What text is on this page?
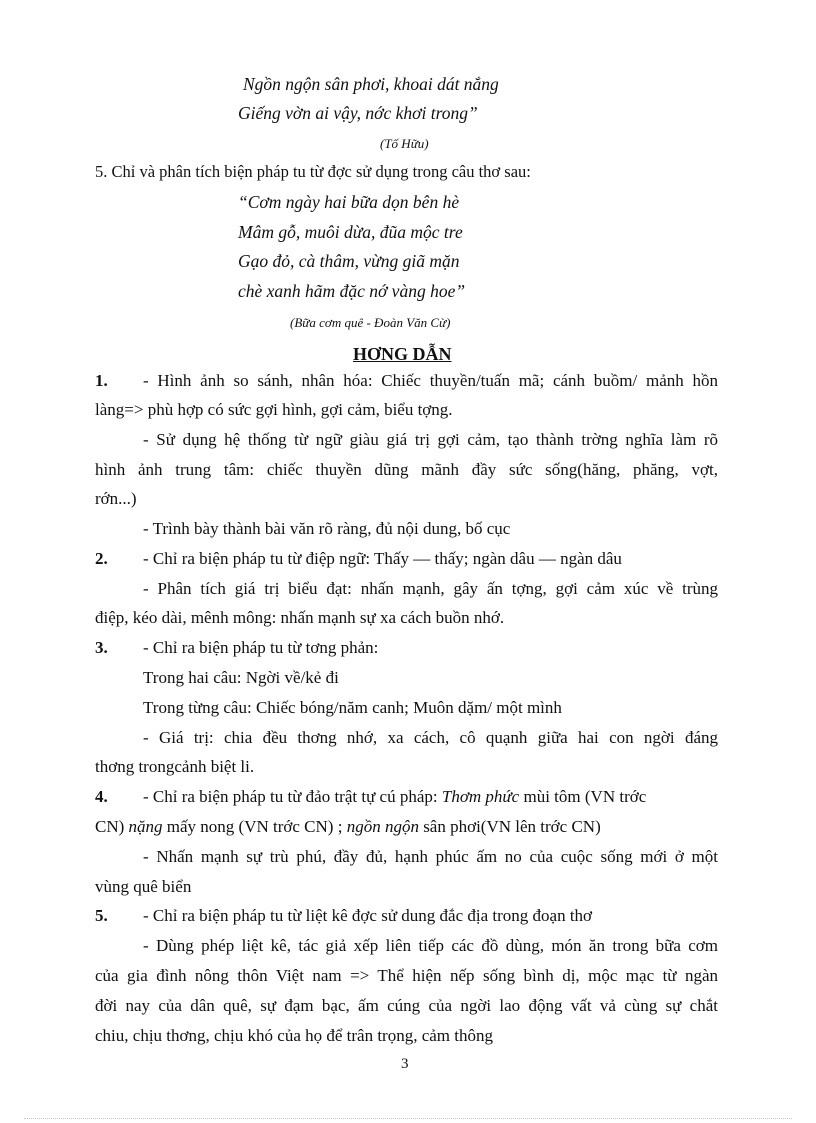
Ngồn ngộn sân phơi, khoai dát nắng
Giếng vờn ai vậy, nớc khơi trong”
(Tố Hữu)
5. Chỉ và phân tích biện pháp tu từ đợc sử dụng trong câu thơ sau:
“Cơm ngày hai bữa dọn bên hè
Mâm gỗ, muôi dừa, đũa mộc tre
Gạo đỏ, cà thâm, vừng giã mặn
chè xanh hãm đặc nớ vàng hoe”
(Bữa cơm quê - Đoàn Văn Cừ)
HƠNG DẪN
1. - Hình ảnh so sánh, nhân hóa: Chiếc thuyền/tuấn mã; cánh buồm/ mảnh hồn
làng=> phù hợp có sức gợi hình, gợi cảm, biểu tợng.
- Sử dụng hệ thống từ ngữ giàu giá trị gợi cảm, tạo thành trờng nghĩa làm rõ
hình ảnh trung tâm: chiếc thuyền dũng mãnh đầy sức sống(hăng, phăng, vợt,
rớn...)
- Trình bày thành bài văn rõ ràng, đủ nội dung, bố cục
2. - Chỉ ra biện pháp tu từ điệp ngữ: Thấy — thấy; ngàn dâu — ngàn dâu
- Phân tích giá trị biểu đạt: nhấn mạnh, gây ấn tợng, gợi cảm xúc về trùng
điệp, kéo dài, mênh mông: nhấn mạnh sự xa cách buồn nhớ.
3. - Chỉ ra biện pháp tu từ tơng phản:
Trong hai câu: Ngời về/kẻ đi
Trong từng câu: Chiếc bóng/năm canh; Muôn dặm/ một mình
- Giá trị: chia đều thơng nhớ, xa cách, cô quạnh giữa hai con ngời đáng
thơng trongcảnh biệt li.
4. - Chỉ ra biện pháp tu từ đảo trật tự cú pháp: Thơm phức mùi tôm (VN trớc
CN) nặng mấy nong (VN trớc CN) ; ngồn ngộn sân phơi(VN lên trớc CN)
- Nhấn mạnh sự trù phú, đầy đủ, hạnh phúc ấm no của cuộc sống mới ở một
vùng quê biển
5. - Chỉ ra biện pháp tu từ liệt kê đợc sử dung đắc địa trong đoạn thơ
- Dùng phép liệt kê, tác giả xếp liên tiếp các đồ dùng, món ăn trong bữa cơm
của gia đình nông thôn Việt nam => Thể hiện nếp sống bình dị, mộc mạc từ ngàn
đời nay của dân quê, sự đạm bạc, ấm cúng của ngời lao động vất vả cùng sự chắt
chiu, chịu thơng, chịu khó của họ để trân trọng, cảm thông
3
